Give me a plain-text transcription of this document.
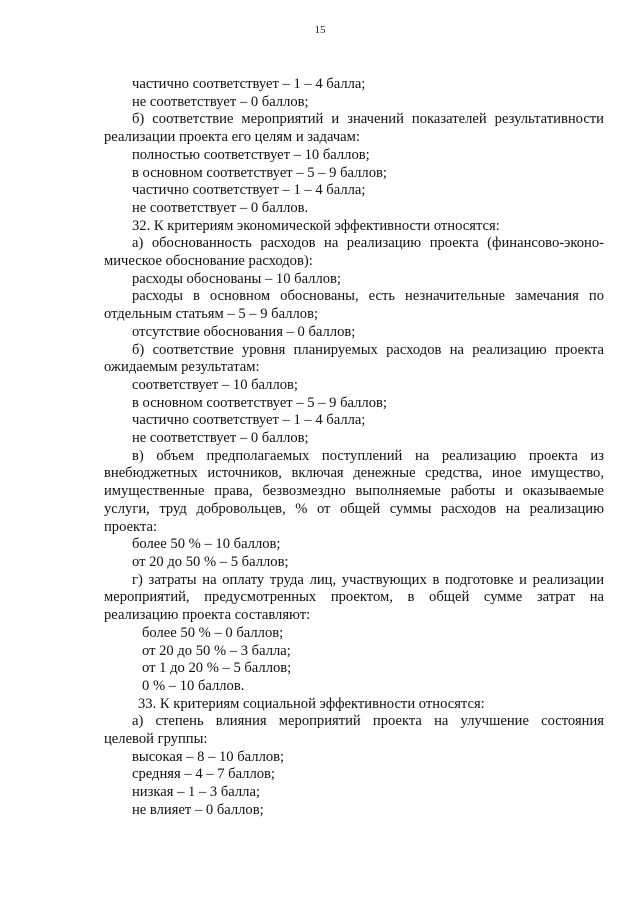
15
частично соответствует – 1 – 4 балла;
не соответствует – 0 баллов;
б) соответствие мероприятий и значений показателей результативности
реализации проекта его целям и задачам:
полностью соответствует – 10 баллов;
в основном соответствует – 5 – 9 баллов;
частично соответствует – 1 – 4 балла;
не соответствует – 0 баллов.
32. К критериям экономической эффективности относятся:
а) обоснованность расходов на реализацию проекта (финансово-эконо-
мическое обоснование расходов):
расходы обоснованы – 10 баллов;
расходы в основном обоснованы, есть незначительные замечания по
отдельным статьям – 5 – 9 баллов;
отсутствие обоснования – 0 баллов;
б) соответствие уровня планируемых расходов на реализацию проекта
ожидаемым результатам:
соответствует – 10 баллов;
в основном соответствует – 5 – 9 баллов;
частично соответствует – 1 – 4 балла;
не соответствует – 0 баллов;
в) объем предполагаемых поступлений на реализацию проекта из
внебюджетных источников, включая денежные средства, иное имущество,
имущественные права, безвозмездно выполняемые работы и оказываемые
услуги, труд добровольцев, % от общей суммы расходов на реализацию
проекта:
более 50 % – 10 баллов;
от 20 до 50 % – 5 баллов;
г) затраты на оплату труда лиц, участвующих в подготовке и реализации
мероприятий, предусмотренных проектом, в общей сумме затрат на
реализацию проекта составляют:
более 50 % – 0 баллов;
от 20 до 50 % – 3 балла;
от 1 до 20 % – 5 баллов;
0 % – 10 баллов.
33. К критериям социальной эффективности относятся:
а) степень влияния мероприятий проекта на улучшение состояния
целевой группы:
высокая – 8 – 10 баллов;
средняя – 4 – 7 баллов;
низкая – 1 – 3 балла;
не влияет – 0 баллов;
